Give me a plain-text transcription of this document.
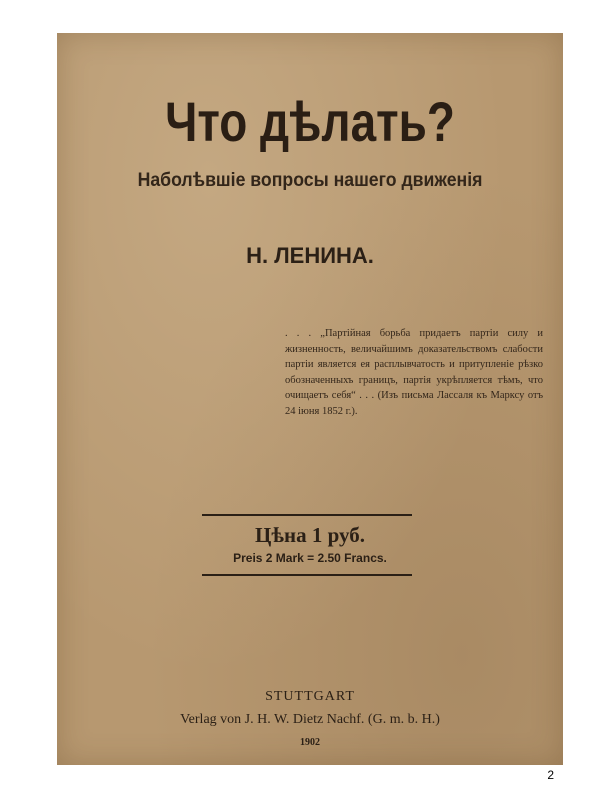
Что дѣлать?
Наболѣвшіе вопросы нашего движенія
Н. ЛЕНИНА.
. . . „Партійная борьба придаетъ партіи силу и жизненность, величайшимъ доказательствомъ слабости партіи является ея расплывчатость и притупленіе рѣзко обозначенныхъ границъ, партія укрѣпляется тѣмъ, что очищаетъ себя“ . . . (Изъ письма Лассаля къ Марксу отъ 24 іюня 1852 г.).
Цѣна 1 руб.
Preis 2 Mark = 2.50 Francs.
STUTTGART
Verlag von J. H. W. Dietz Nachf. (G. m. b. H.)
1902
2
